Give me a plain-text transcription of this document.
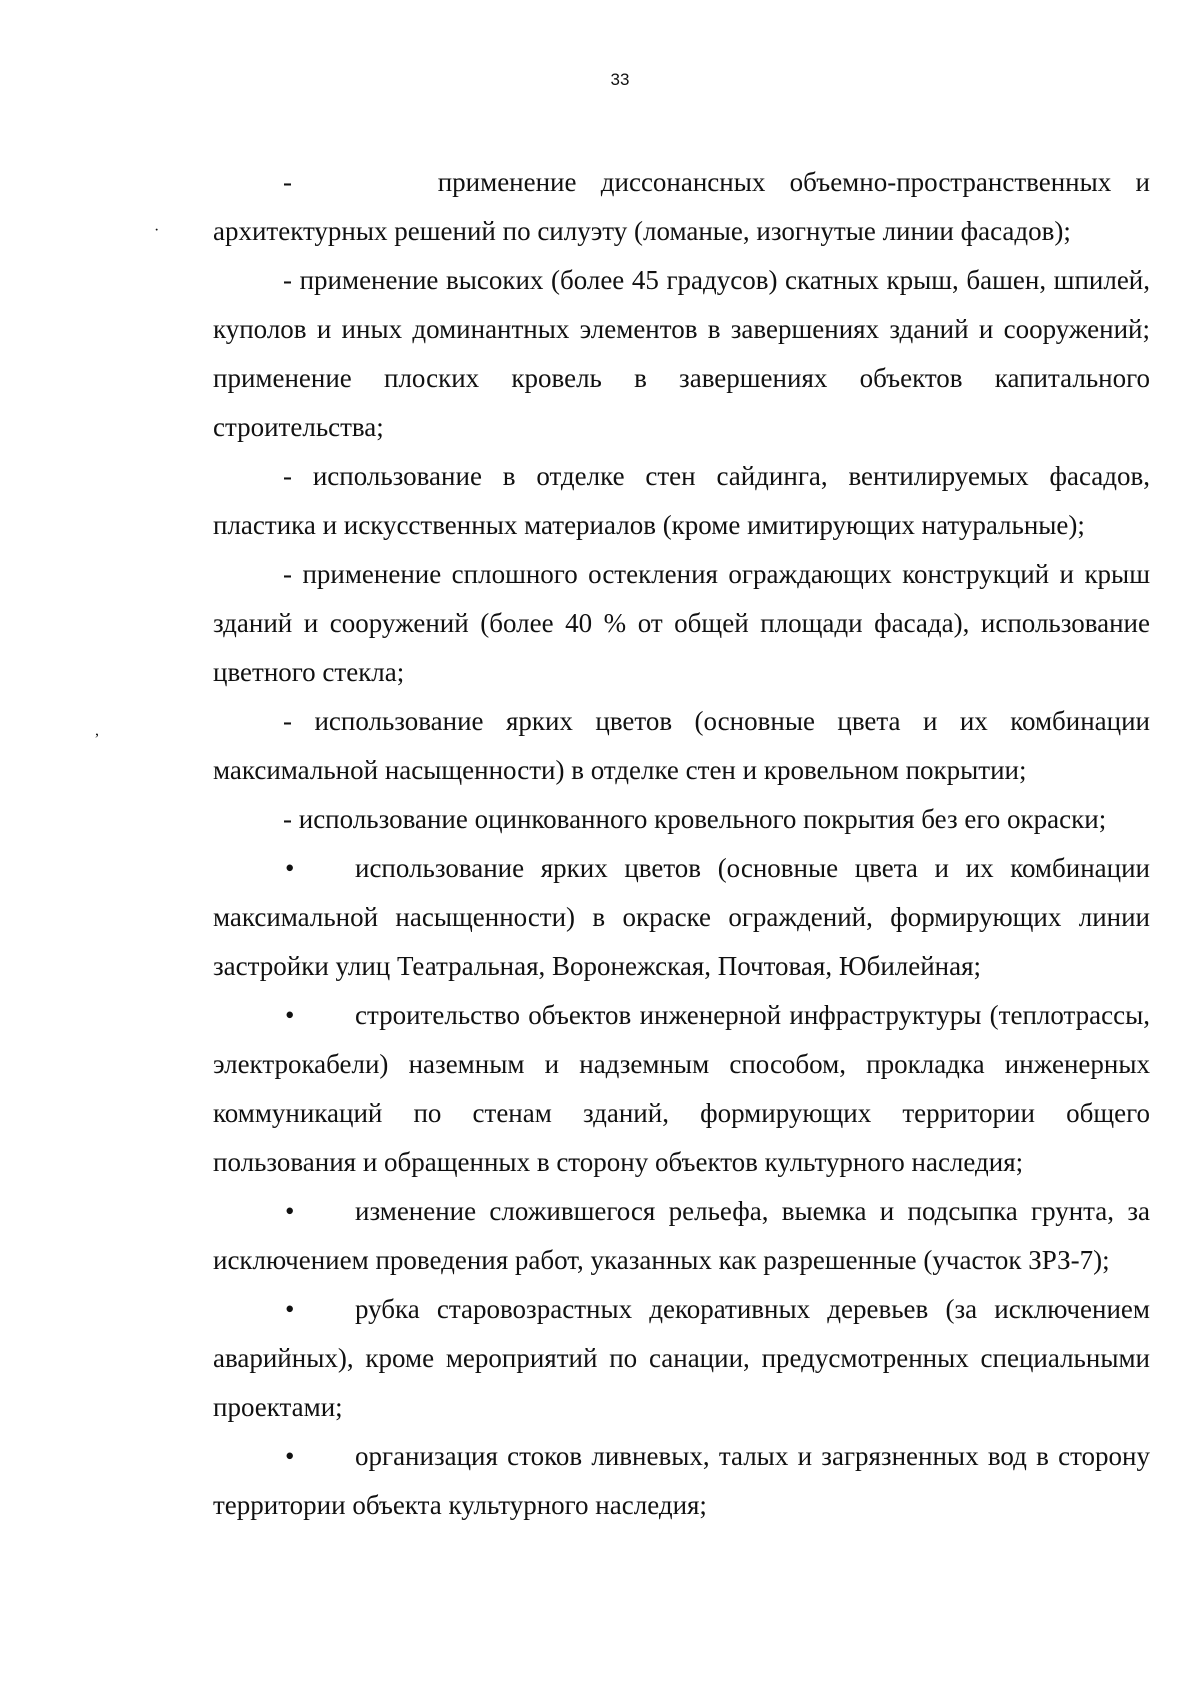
33
·
,

-	применение диссонансных объемно-пространственных и архитектурных решений по силуэту (ломаные, изогнутые линии фасадов);

- применение высоких (более 45 градусов) скатных крыш, башен, шпилей, куполов и иных доминантных элементов в завершениях зданий и сооружений; применение плоских кровель в завершениях объектов капитального строительства;

- использование в отделке стен сайдинга, вентилируемых фасадов, пластика и искусственных материалов (кроме имитирующих натуральные);

- применение сплошного остекления ограждающих конструкций и крыш зданий и сооружений (более 40 % от общей площади фасада), использование цветного стекла;

- использование ярких цветов (основные цвета и их комбинации максимальной насыщенности) в отделке стен и кровельном покрытии;

- использование оцинкованного кровельного покрытия без его окраски;

• использование ярких цветов (основные цвета и их комбинации максимальной насыщенности) в окраске ограждений, формирующих линии застройки улиц Театральная, Воронежская, Почтовая, Юбилейная;

• строительство объектов инженерной инфраструктуры (теплотрассы, электрокабели) наземным и надземным способом, прокладка инженерных коммуникаций по стенам зданий, формирующих территории общего пользования и обращенных в сторону объектов культурного наследия;

• изменение сложившегося рельефа, выемка и подсыпка грунта, за исключением проведения работ, указанных как разрешенные (участок ЗРЗ-7);

• рубка старовозрастных декоративных деревьев (за исключением аварийных), кроме мероприятий по санации, предусмотренных специальными проектами;

• организация стоков ливневых, талых и загрязненных вод в сторону территории объекта культурного наследия;
